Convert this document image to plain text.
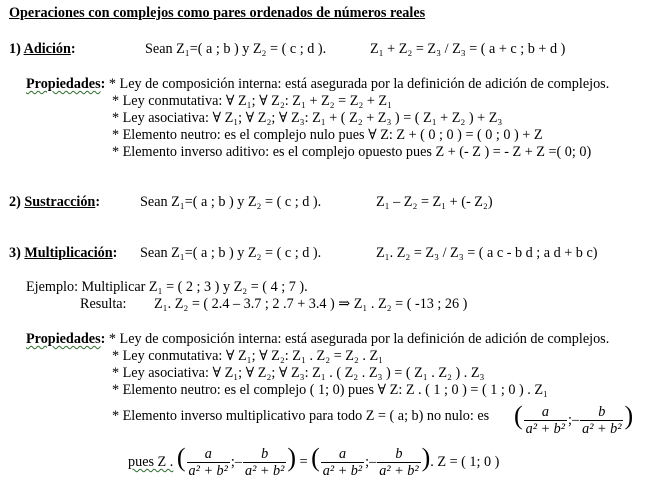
Operaciones con complejos como pares ordenados de números reales
1) Adición:	Sean Z₁=( a ; b ) y Z₂ = ( c ; d ).	Z₁ + Z₂ = Z₃ / Z₃ = ( a + c ; b + d )
Propiedades: * Ley de composición interna: está asegurada por la definición de adición de complejos.
* Ley conmutativa: ∀ Z₁; ∀ Z₂: Z₁ + Z₂ = Z₂ + Z₁
* Ley asociativa: ∀ Z₁; ∀ Z₂; ∀ Z₃: Z₁ + ( Z₂ + Z₃ ) = ( Z₁ + Z₂ ) + Z₃
* Elemento neutro: es el complejo nulo pues ∀ Z: Z + ( 0 ; 0 ) = ( 0 ; 0 ) + Z
* Elemento inverso aditivo: es el complejo opuesto pues Z + (- Z ) = - Z + Z =( 0; 0)
2) Sustracción:	Sean Z₁=( a ; b ) y Z₂ = ( c ; d ).	Z₁ – Z₂ = Z₁ + (- Z₂)
3) Multiplicación: Sean Z₁=( a ; b ) y Z₂ = ( c ; d ).	Z₁. Z₂ = Z₃ / Z₃ = ( a c - b d ; a d + b c)
Ejemplo: Multiplicar Z₁ = ( 2 ; 3 ) y Z₂ = ( 4 ; 7 ).
Resulta: Z₁. Z₂ = ( 2.4 – 3.7 ; 2 .7 + 3.4 ) ⇒ Z₁ . Z₂ = ( -13 ; 26 )
Propiedades: * Ley de composición interna: está asegurada por la definición de adición de complejos.
* Ley conmutativa: ∀ Z₁; ∀ Z₂: Z₁ . Z₂ = Z₂ . Z₁
* Ley asociativa: ∀ Z₁; ∀ Z₂; ∀ Z₃: Z₁ . ( Z₂ . Z₃ ) = ( Z₁ . Z₂ ) . Z₃
* Elemento neutro: es el complejo ( 1; 0) pues ∀ Z: Z . ( 1 ; 0 ) = ( 1 ; 0 ) . Z₁
* Elemento inverso multiplicativo para todo Z = ( a; b) no nulo: es ( $\frac{a}{\text{a² + b²}}$ ;– $\frac{b}{\text{a² + b²}}$ )
pues Z . ( $\frac{a}{\text{a² + b²}}$ ;– $\frac{b}{\text{a² + b²}}$ ) = ( $\frac{a}{\text{a² + b²}}$ ;– $\frac{b}{\text{a² + b²}}$ ). Z = ( 1; 0 )
